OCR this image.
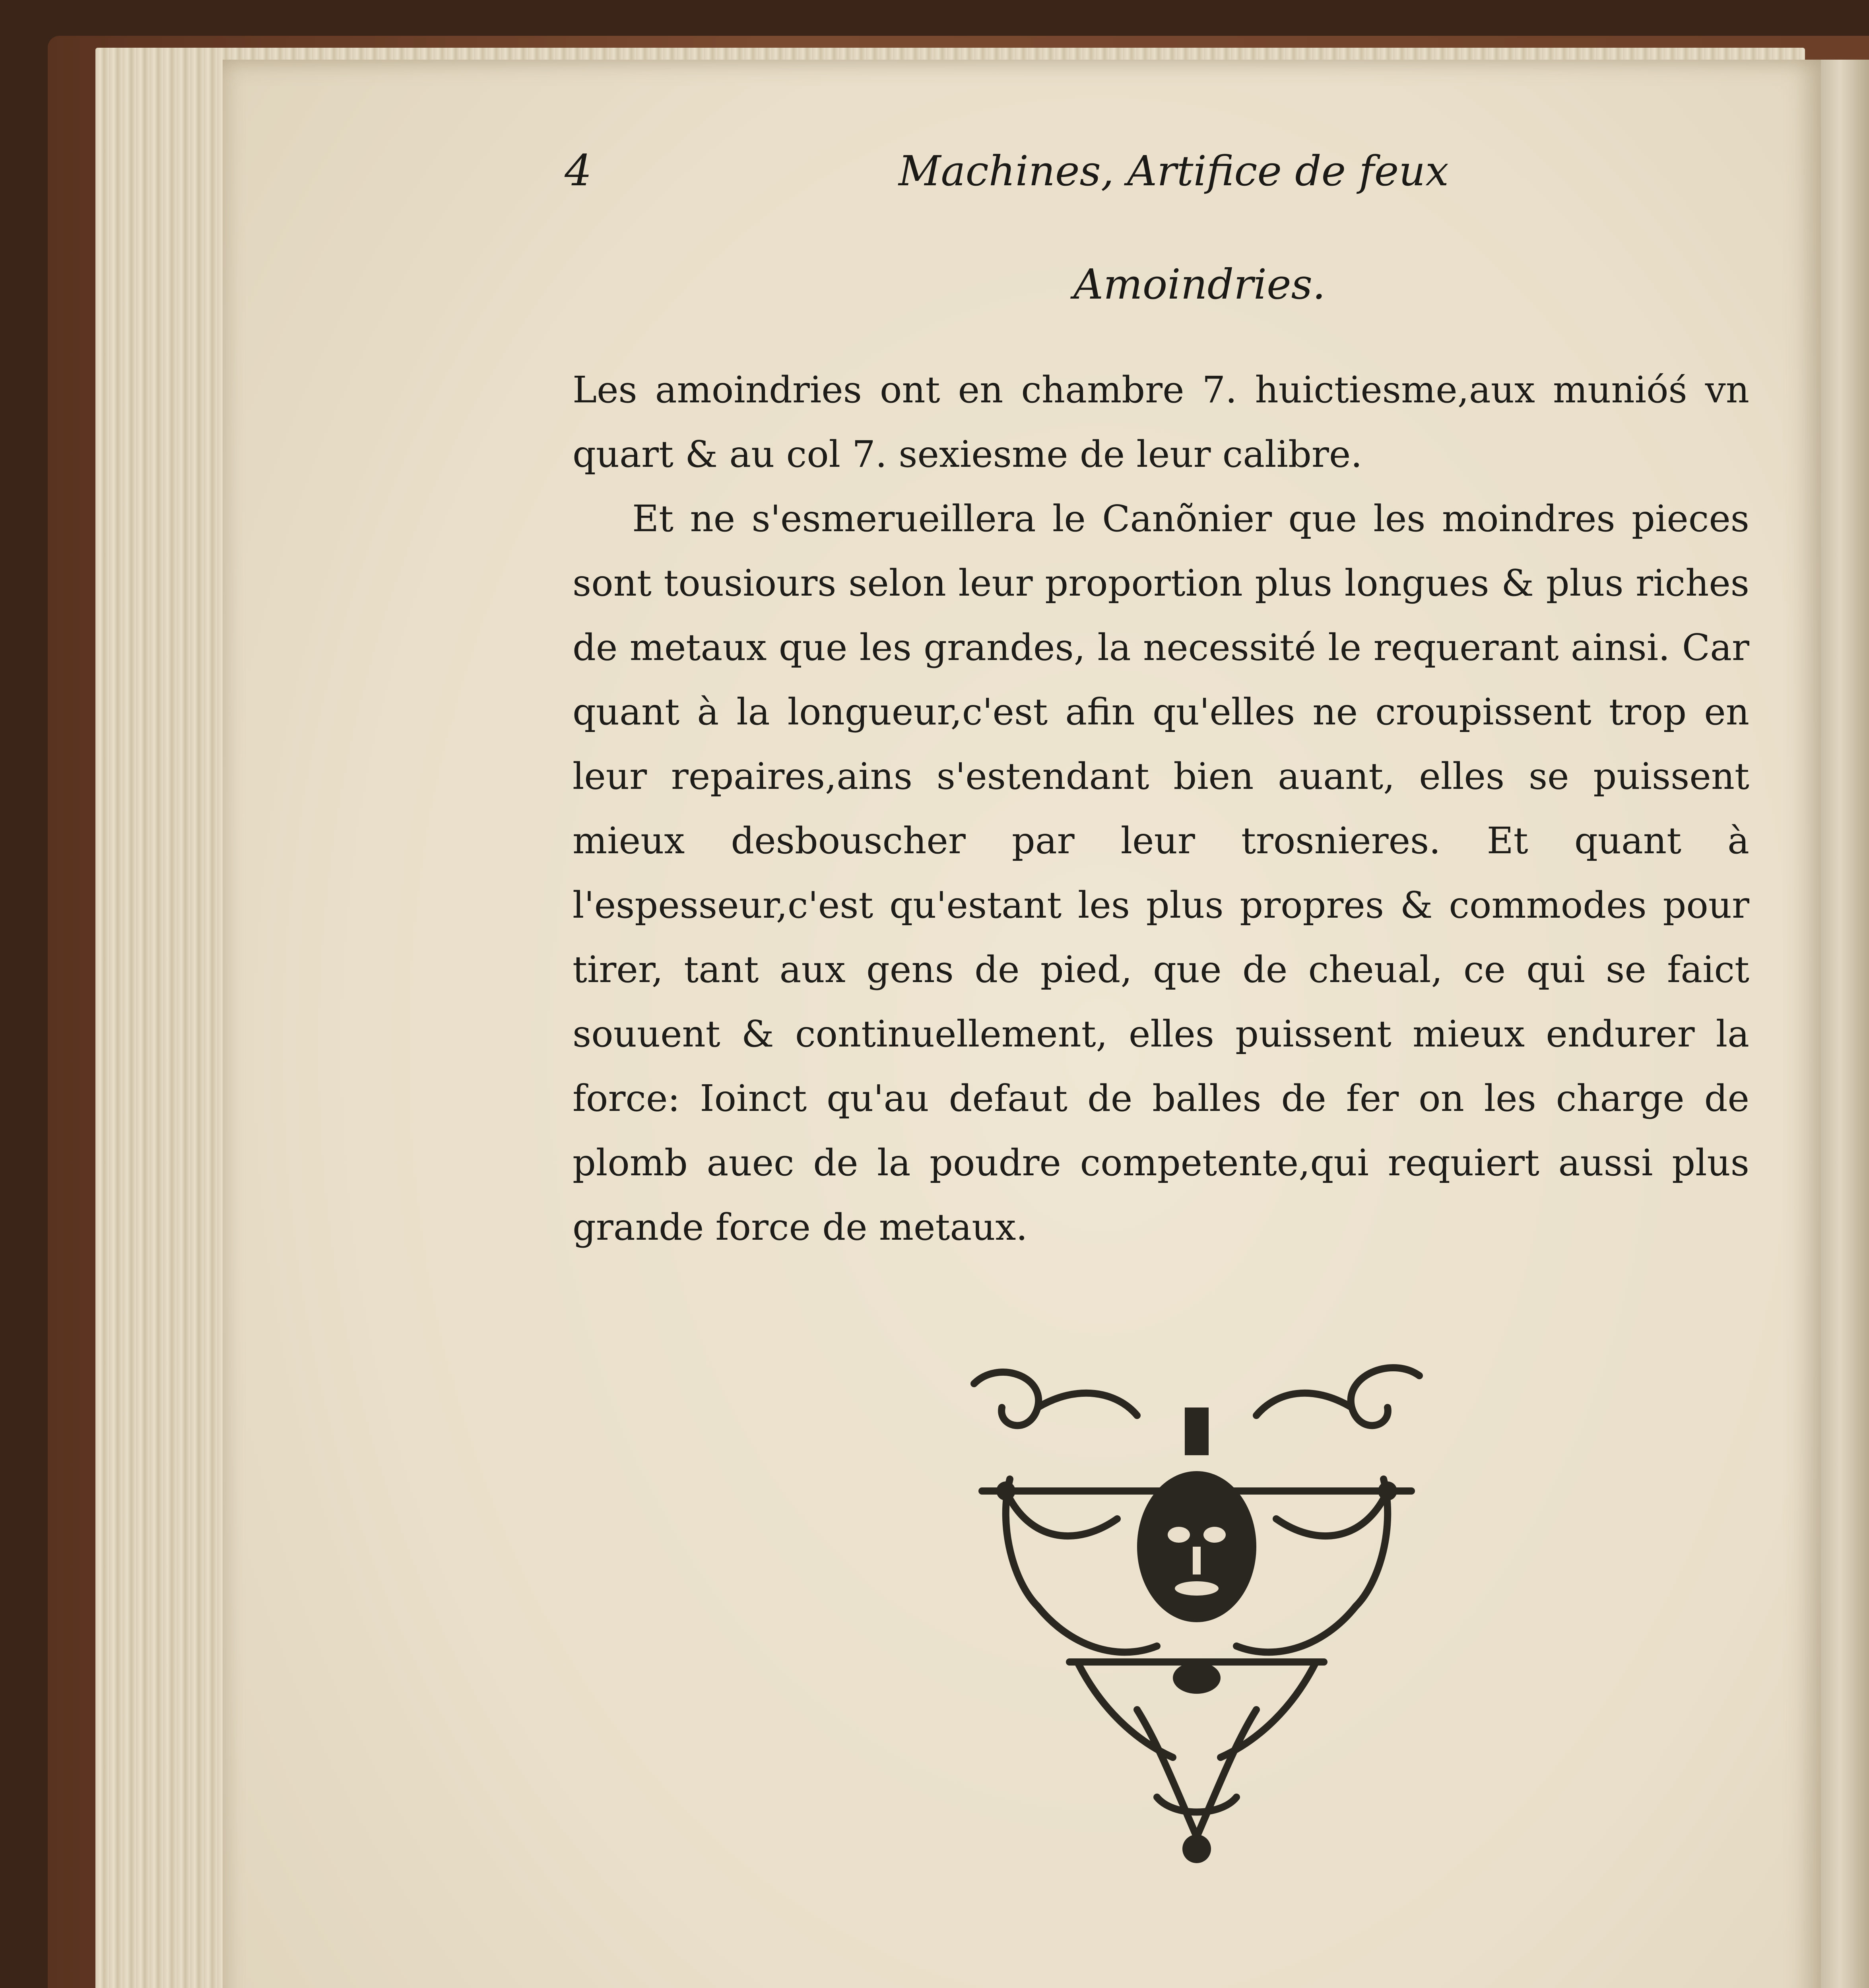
4	Machines, Artifice de feux
Amoindries.

Les amoindries ont en chambre 7. huictiesme,aux munióś vn quart & au col 7. sexiesme de leur calibre.

Et ne s'esmerueillera le Canõnier que les moindres pieces sont tousiours selon leur proportion plus longues & plus riches de metaux que les grandes, la necessité le requerant ainsi. Car quant à la longueur,c'est afin qu'elles ne croupissent trop en leur repaires,ains s'estendant bien auant, elles se puissent mieux desbouscher par leur trosnieres. Et quant à l'espesseur,c'est qu'estant les plus propres & commodes pour tirer, tant aux gens de pied, que de cheual, ce qui se faict souuent & continuellement, elles puissent mieux endurer la force: Ioinct qu'au defaut de balles de fer on les charge de plomb auec de la poudre competente,qui requiert aussi plus grande force de metaux.
